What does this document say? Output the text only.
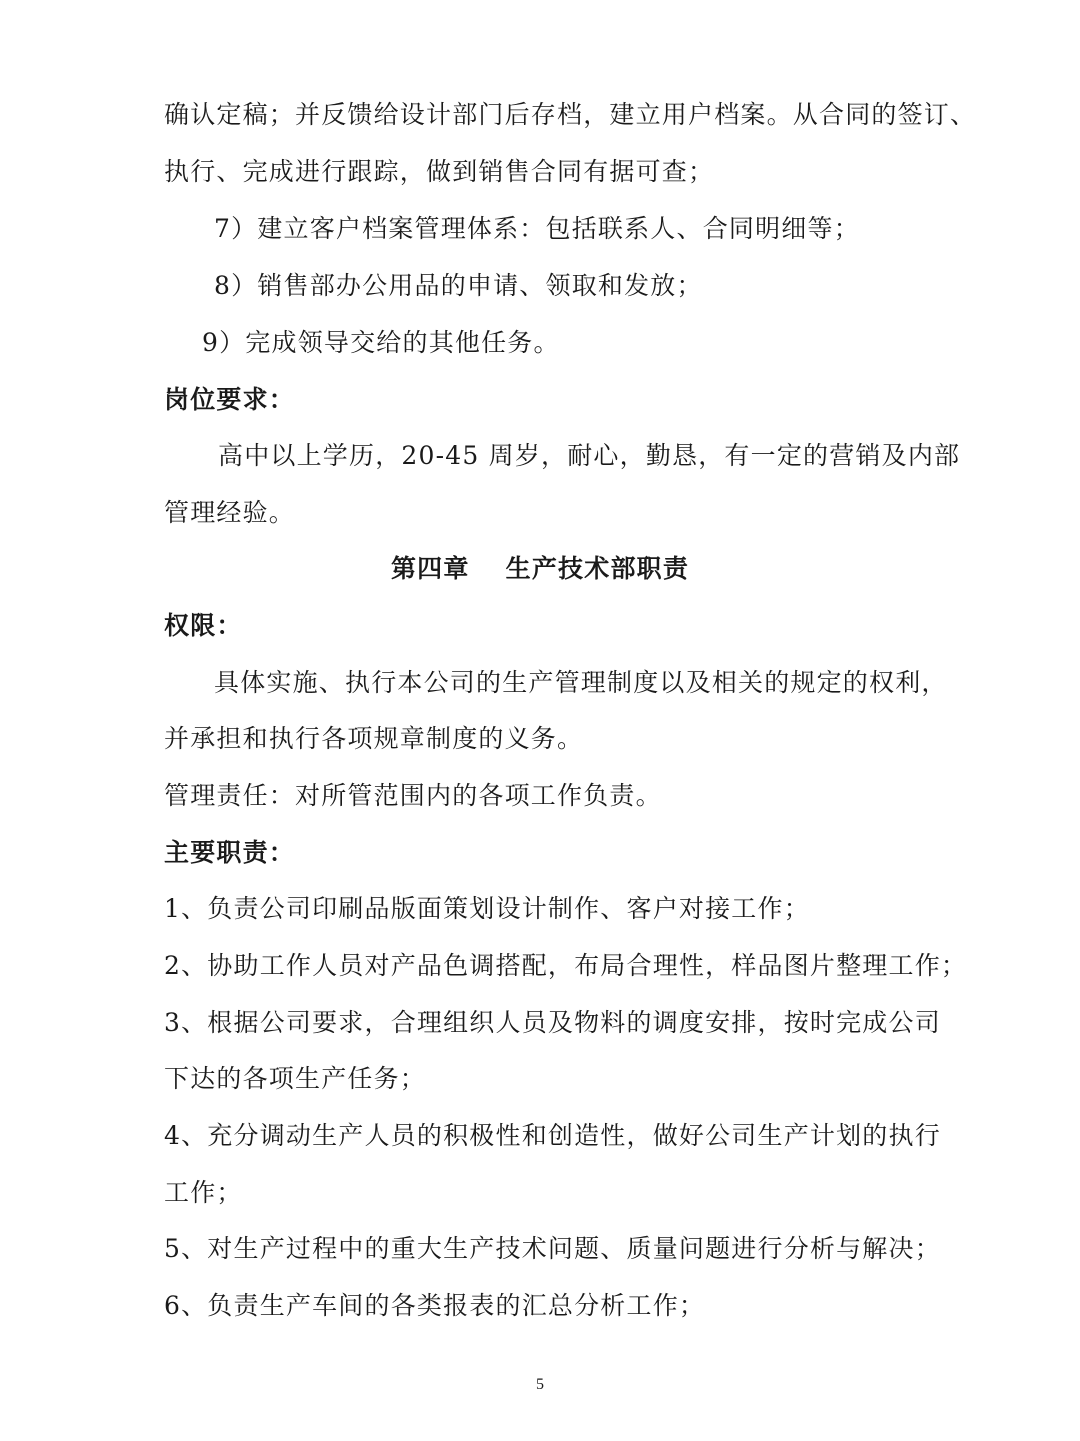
确认定稿；并反馈给设计部门后存档，建立用户档案。从合同的签订、
执行、完成进行跟踪，做到销售合同有据可查；
7）建立客户档案管理体系：包括联系人、合同明细等；
8）销售部办公用品的申请、领取和发放；
9）完成领导交给的其他任务。
岗位要求：
高中以上学历，20-45 周岁，耐心，勤恳，有一定的营销及内部
管理经验。
第四章　 生产技术部职责
权限：
具体实施、执行本公司的生产管理制度以及相关的规定的权利，
并承担和执行各项规章制度的义务。
管理责任：对所管范围内的各项工作负责。
主要职责：
1、负责公司印刷品版面策划设计制作、客户对接工作；
2、协助工作人员对产品色调搭配，布局合理性，样品图片整理工作；
3、根据公司要求，合理组织人员及物料的调度安排，按时完成公司
下达的各项生产任务；
4、充分调动生产人员的积极性和创造性，做好公司生产计划的执行
工作；
5、对生产过程中的重大生产技术问题、质量问题进行分析与解决；
6、负责生产车间的各类报表的汇总分析工作；
5
